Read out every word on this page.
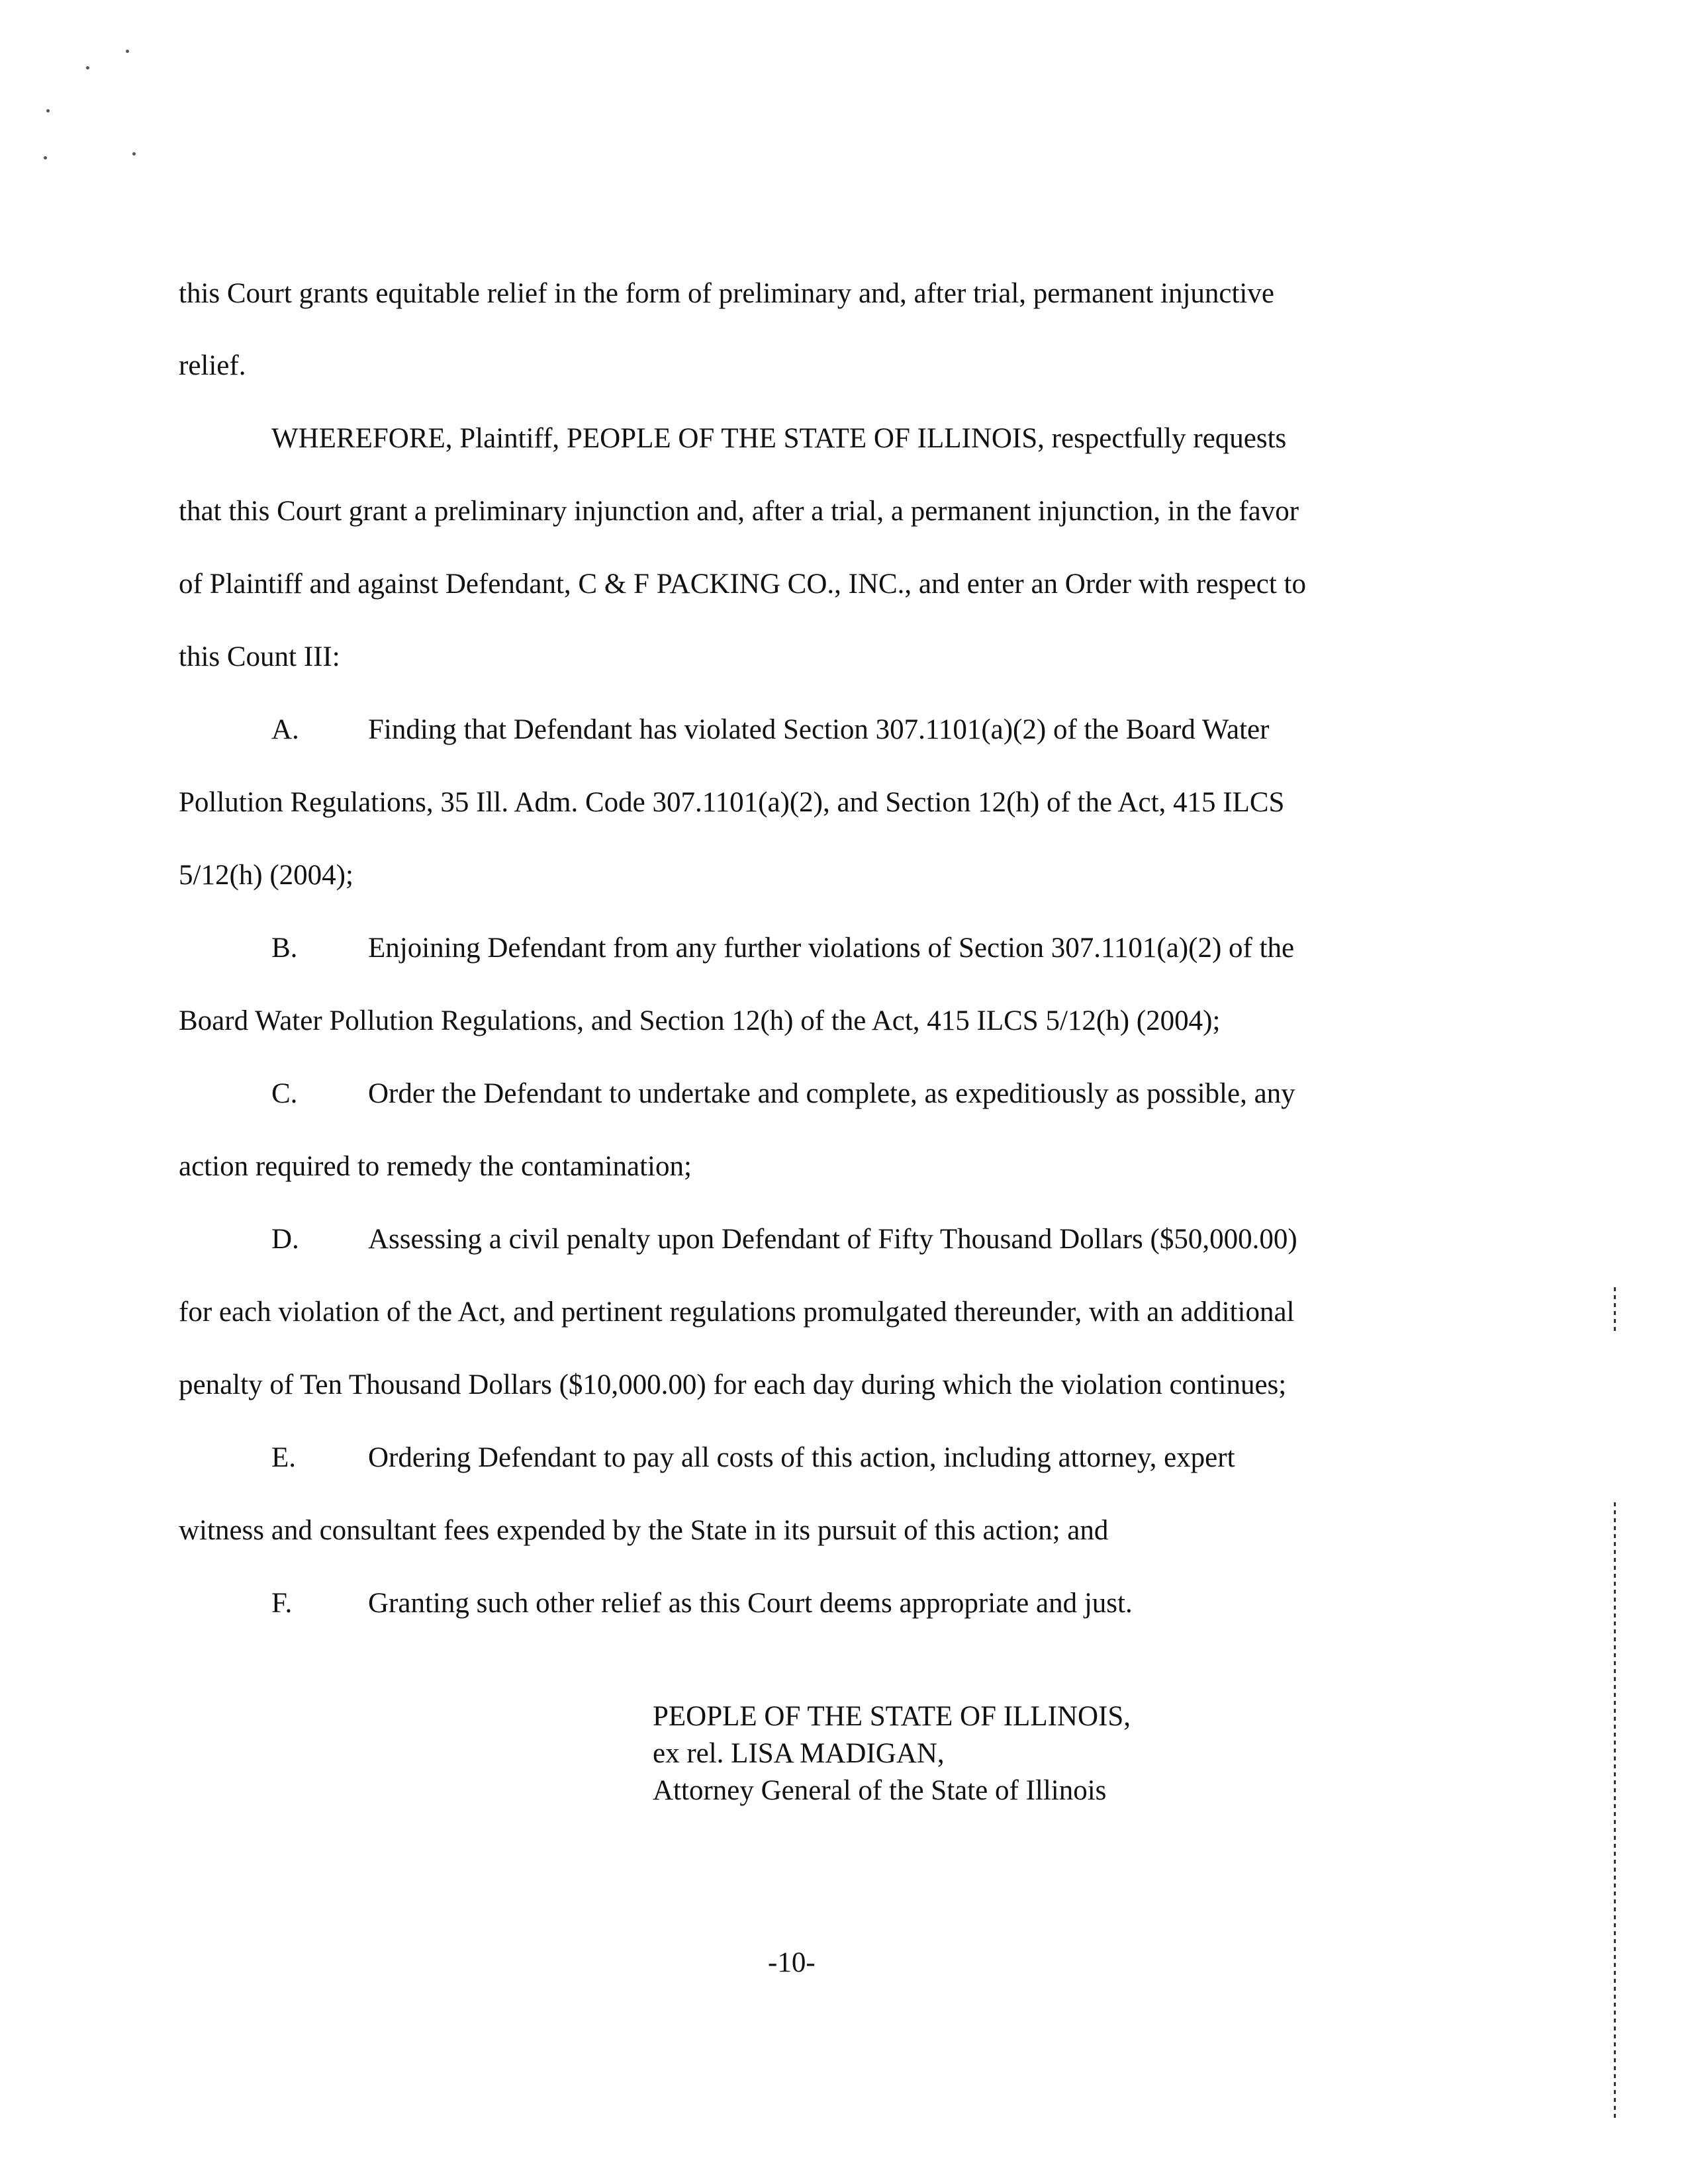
this Court grants equitable relief in the form of preliminary and, after trial, permanent injunctive
relief.
WHEREFORE, Plaintiff, PEOPLE OF THE STATE OF ILLINOIS, respectfully requests
that this Court grant a preliminary injunction and, after a trial, a permanent injunction, in the favor
of Plaintiff and against Defendant, C & F PACKING CO., INC., and enter an Order with respect to
this Count III:
A. Finding that Defendant has violated Section 307.1101(a)(2) of the Board Water
Pollution Regulations, 35 Ill. Adm. Code 307.1101(a)(2), and Section 12(h) of the Act, 415 ILCS
5/12(h) (2004);
B. Enjoining Defendant from any further violations of Section 307.1101(a)(2) of the
Board Water Pollution Regulations, and Section 12(h) of the Act, 415 ILCS 5/12(h) (2004);
C. Order the Defendant to undertake and complete, as expeditiously as possible, any
action required to remedy the contamination;
D. Assessing a civil penalty upon Defendant of Fifty Thousand Dollars ($50,000.00)
for each violation of the Act, and pertinent regulations promulgated thereunder, with an additional
penalty of Ten Thousand Dollars ($10,000.00) for each day during which the violation continues;
E.	Ordering Defendant to pay all costs of this action, including attorney, expert
witness and consultant fees expended by the State in its pursuit of this action; and
F.	Granting such other relief as this Court deems appropriate and just.
PEOPLE OF THE STATE OF ILLINOIS,
ex rel. LISA MADIGAN,
Attorney General of the State of Illinois
-10-
